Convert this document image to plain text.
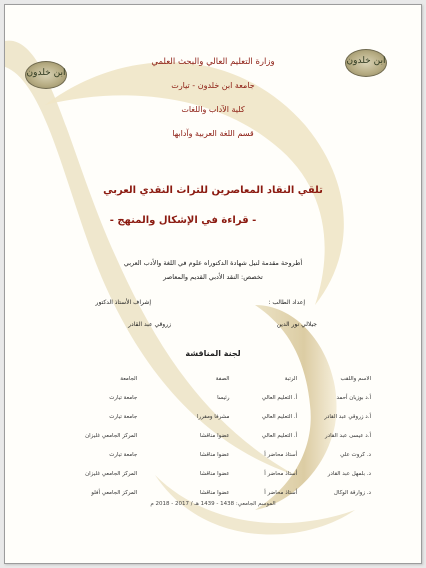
ابن خلدون
ابن خلدون
وزارة التعليم العالي والبحث العلمي
جامعة ابن خلدون - تيارت
كلية الآداب واللغات
قسم اللغة العربية وآدابها
تلقي النقاد المعاصرين للتراث النقدي العربي
- قراءة في الإشكال والمنهج -
أطروحة مقدمة لنيل شهادة الدكتوراه علوم في اللغة والأدب العربي
تخصص: النقد الأدبي القديم والمعاصر
إعداد الطالب :
إشراف الأستاذ الدكتور
جيلالي نور الدين
زروقي عبد القادر
لجنة المناقشة
الاسم واللقب	الرتبة	الصفة	الجامعة
أ.د بوزيان أحمد	أ. التعليم العالي	رئيسا	جامعة تيارت
أ.د زروقي عبد القادر	أ. التعليم العالي	مشرفا ومقررا	جامعة تيارت
أ.د عيسى عبد القادر	أ. التعليم العالي	عضوا مناقشا	المركز الجامعي غليزان
د. كروت علي	أستاذ محاضر أ	عضوا مناقشا	جامعة تيارت
د. بلمهل عبد القادر	أستاذ محاضر أ	عضوا مناقشا	المركز الجامعي غليزان
د. زوارقة الوكال	أستاذ محاضر أ	عضوا مناقشا	المركز الجامعي أفلو
الموسم الجامعي: 1438 - 1439 هـ / 2017 - 2018 م
